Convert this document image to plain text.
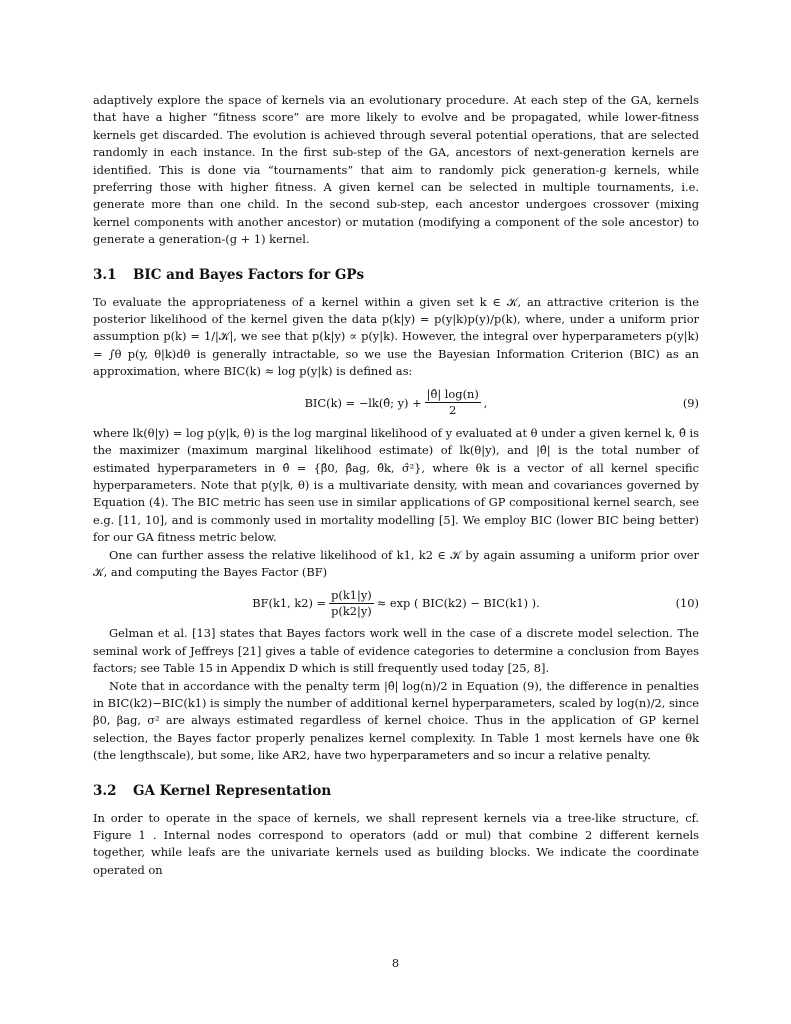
adaptively explore the space of kernels via an evolutionary procedure. At each step of the GA, kernels that have a higher “fitness score” are more likely to evolve and be propagated, while lower-fitness kernels get discarded. The evolution is achieved through several potential operations, that are selected randomly in each instance. In the first sub-step of the GA, ancestors of next-generation kernels are identified. This is done via “tournaments” that aim to randomly pick generation-g kernels, while preferring those with higher fitness. A given kernel can be selected in multiple tournaments, i.e. generate more than one child. In the second sub-step, each ancestor undergoes crossover (mixing kernel components with another ancestor) or mutation (modifying a component of the sole ancestor) to generate a generation-(g + 1) kernel.

3.1 BIC and Bayes Factors for GPs

To evaluate the appropriateness of a kernel within a given set k ∈ 𝒦, an attractive criterion is the posterior likelihood of the kernel given the data p(k|y) = p(y|k)p(y)/p(k), where, under a uniform prior assumption p(k) = 1/|𝒦|, we see that p(k|y) ∝ p(y|k). However, the integral over hyperparameters p(y|k) = ∫θ p(y, θ|k)dθ is generally intractable, so we use the Bayesian Information Criterion (BIC) as an approximation, where BIC(k) ≈ log p(y|k) is defined as:

BIC(k) = −lk(θ̂; $y) + \frac{|\thetâ| \log(n)}{2}$ ,	(9)

where lk(θ|y) = log p(y|k, θ) is the log marginal likelihood of y evaluated at θ under a given kernel k, θ̂ is the maximizer (maximum marginal likelihood estimate) of lk(θ|y), and |θ̂| is the total number of estimated hyperparameters in θ̂ = {β̂0, β̂ag, θ̂k, σ̂²}, where θk is a vector of all kernel specific hyperparameters. Note that p(y|k, θ) is a multivariate density, with mean and covariances governed by Equation (4). The BIC metric has seen use in similar applications of GP compositional kernel search, see e.g. [11, 10], and is commonly used in mortality modelling [5]. We employ BIC (lower BIC being better) for our GA fitness metric below.

One can further assess the relative likelihood of k1, k2 ∈ 𝒦 by again assuming a uniform prior over 𝒦, and computing the Bayes Factor (BF)

BF(k1, $k2) = \frac{p(k1|y)}{p(k2|y)} \approx \exp$ ( BIC(k2) − BIC(k1) ).	(10)

Gelman et al. [13] states that Bayes factors work well in the case of a discrete model selection. The seminal work of Jeffreys [21] gives a table of evidence categories to determine a conclusion from Bayes factors; see Table 15 in Appendix D which is still frequently used today [25, 8].

Note that in accordance with the penalty term |θ̂| log(n)/2 in Equation (9), the difference in penalties in BIC(k2)−BIC(k1) is simply the number of additional kernel hyperparameters, scaled by log(n)/2, since β0, βag, σ² are always estimated regardless of kernel choice. Thus in the application of GP kernel selection, the Bayes factor properly penalizes kernel complexity. In Table 1 most kernels have one θk (the lengthscale), but some, like AR2, have two hyperparameters and so incur a relative penalty.

3.2 GA Kernel Representation

In order to operate in the space of kernels, we shall represent kernels via a tree-like structure, cf. Figure 1 . Internal nodes correspond to operators (add or mul) that combine 2 different kernels together, while leafs are the univariate kernels used as building blocks. We indicate the coordinate operated on

8
